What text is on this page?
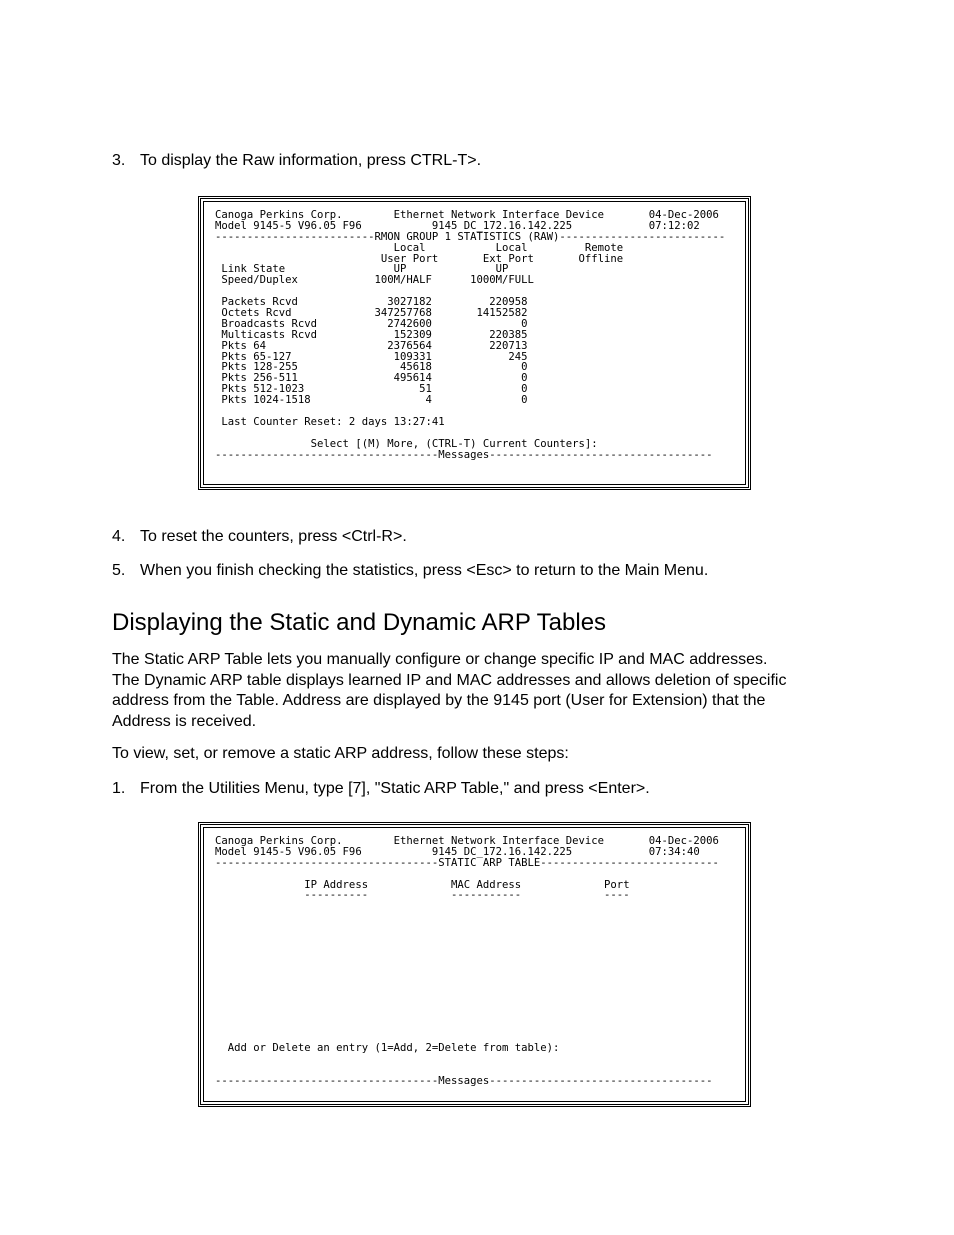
3. To display the Raw information, press CTRL-T>.
Canoga Perkins Corp.        Ethernet Network Interface Device       04-Dec-2006
Model 9145-5 V96.05 F96           9145 DC_172.16.142.225            07:12:02
-------------------------RMON GROUP 1 STATISTICS (RAW)--------------------------
Local           Local         Remote
User Port       Ext Port       Offline
Link State                 UP              UP
Speed/Duplex            100M/HALF      1000M/FULL
Packets Rcvd              3027182         220958
Octets Rcvd             347257768       14152582
Broadcasts Rcvd           2742600              0
Multicasts Rcvd            152309         220385
Pkts 64                   2376564         220713
Pkts 65-127                109331            245
Pkts 128-255                45618              0
Pkts 256-511               495614              0
Pkts 512-1023                  51              0
Pkts 1024-1518                  4              0
Last Counter Reset: 2 days 13:27:41
Select [(M) More, (CTRL-T) Current Counters]:
-----------------------------------Messages-----------------------------------
4. To reset the counters, press <Ctrl-R>.
5. When you finish checking the statistics, press <Esc> to return to the Main Menu.
Displaying the Static and Dynamic ARP Tables
The Static ARP Table lets you manually configure or change specific IP and MAC addresses.
The Dynamic ARP table displays learned IP and MAC addresses and allows deletion of specific
address from the Table. Address are displayed by the 9145 port (User for Extension) that the
Address is received.
To view, set, or remove a static ARP address, follow these steps:
1. From the Utilities Menu, type [7], "Static ARP Table," and press <Enter>.
Canoga Perkins Corp.        Ethernet Network Interface Device       04-Dec-2006
Model 9145-5 V96.05 F96           9145 DC_172.16.142.225            07:34:40
-----------------------------------STATIC ARP TABLE----------------------------
IP Address             MAC Address             Port
----------             -----------             ----
Add or Delete an entry (1=Add, 2=Delete from table):
-----------------------------------Messages-----------------------------------
